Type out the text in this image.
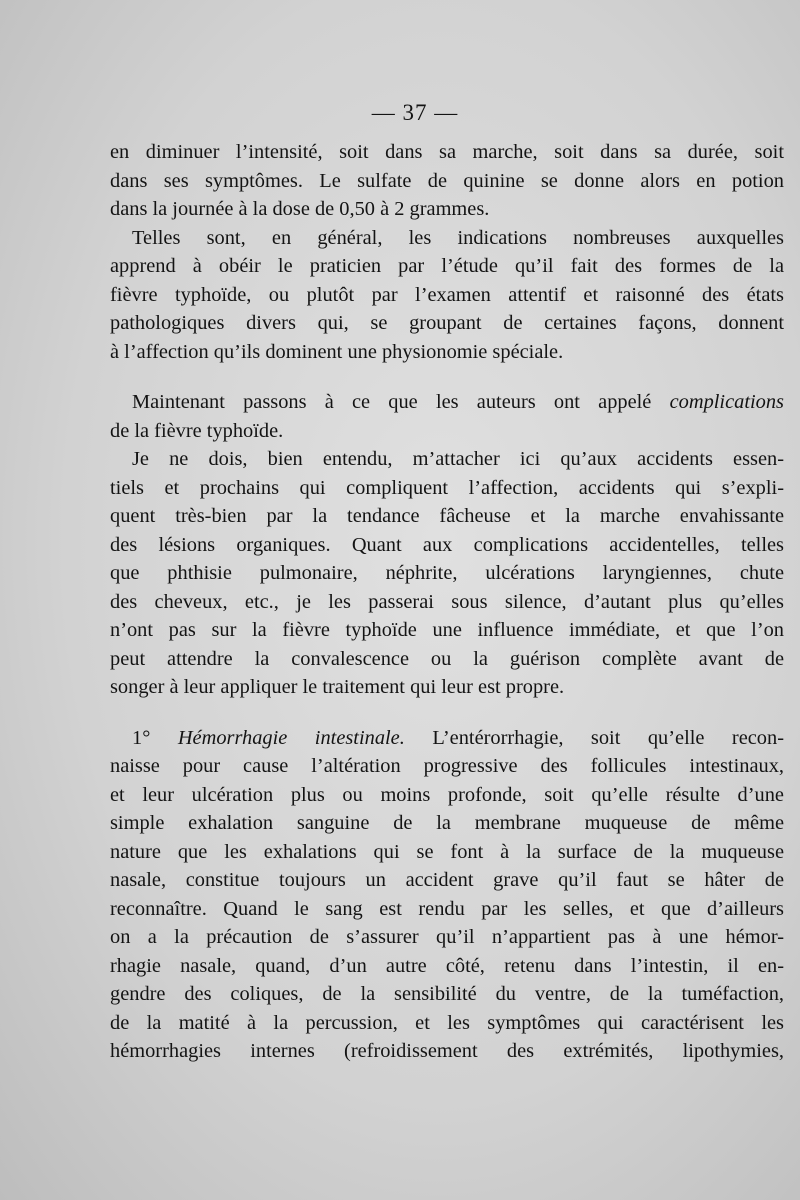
— 37 —
en diminuer l’intensité, soit dans sa marche, soit dans sa durée, soit
dans ses symptômes. Le sulfate de quinine se donne alors en potion
dans la journée à la dose de 0,50 à 2 grammes.
Telles sont, en général, les indications nombreuses auxquelles
apprend à obéir le praticien par l’étude qu’il fait des formes de la
fièvre typhoïde, ou plutôt par l’examen attentif et raisonné des états
pathologiques divers qui, se groupant de certaines façons, donnent
à l’affection qu’ils dominent une physionomie spéciale.
Maintenant passons à ce que les auteurs ont appelé complications
de la fièvre typhoïde.
Je ne dois, bien entendu, m’attacher ici qu’aux accidents essen-
tiels et prochains qui compliquent l’affection, accidents qui s’expli-
quent très-bien par la tendance fâcheuse et la marche envahissante
des lésions organiques. Quant aux complications accidentelles, telles
que phthisie pulmonaire, néphrite, ulcérations laryngiennes, chute
des cheveux, etc., je les passerai sous silence, d’autant plus qu’elles
n’ont pas sur la fièvre typhoïde une influence immédiate, et que l’on
peut attendre la convalescence ou la guérison complète avant de
songer à leur appliquer le traitement qui leur est propre.
1° Hémorrhagie intestinale. L’entérorrhagie, soit qu’elle recon-
naisse pour cause l’altération progressive des follicules intestinaux,
et leur ulcération plus ou moins profonde, soit qu’elle résulte d’une
simple exhalation sanguine de la membrane muqueuse de même
nature que les exhalations qui se font à la surface de la muqueuse
nasale, constitue toujours un accident grave qu’il faut se hâter de
reconnaître. Quand le sang est rendu par les selles, et que d’ailleurs
on a la précaution de s’assurer qu’il n’appartient pas à une hémor-
rhagie nasale, quand, d’un autre côté, retenu dans l’intestin, il en-
gendre des coliques, de la sensibilité du ventre, de la tuméfaction,
de la matité à la percussion, et les symptômes qui caractérisent les
hémorrhagies internes (refroidissement des extrémités, lipothymies,
